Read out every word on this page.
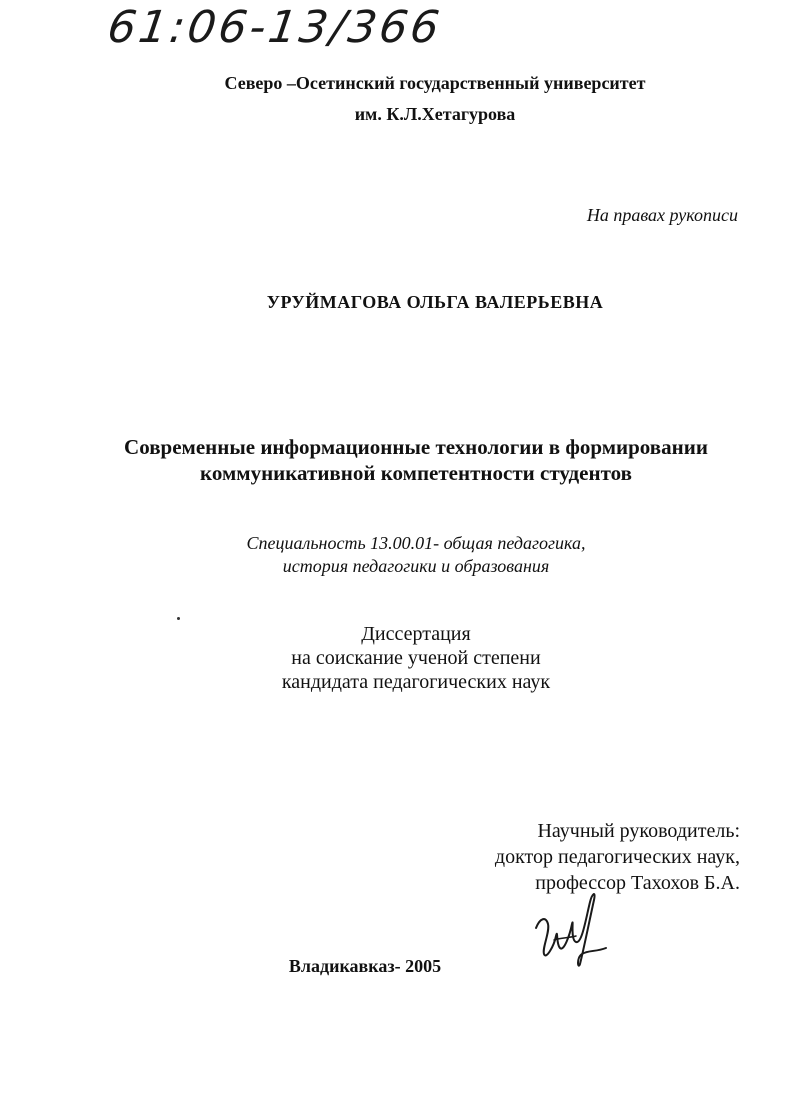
61:06-13/366

Северо –Осетинский государственный университет

им. К.Л.Хетагурова

На правах рукописи

УРУЙМАГОВА ОЛЬГА ВАЛЕРЬЕВНА

Современные информационные технологии в формировании
коммуникативной компетентности студентов
Специальность 13.00.01- общая педагогика,
история педагогики и образования
Диссертация
на соискание ученой степени
кандидата педагогических наук
Научный руководитель:
доктор педагогических наук,
профессор Тахохов Б.А.

Владикавказ- 2005
